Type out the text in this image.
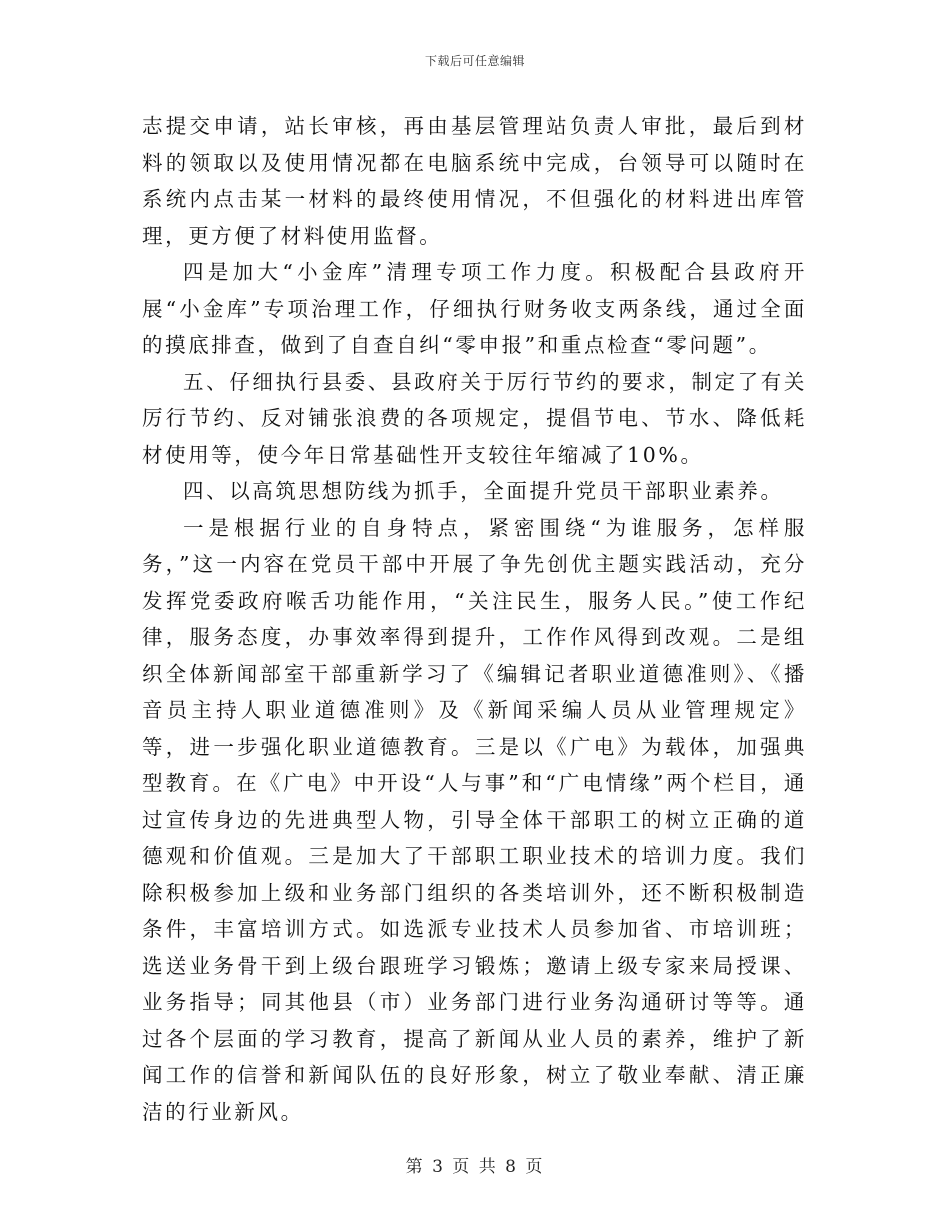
下载后可任意编辑

志提交申请，站长审核，再由基层管理站负责人审批，最后到材料的领取以及使用情况都在电脑系统中完成，台领导可以随时在系统内点击某一材料的最终使用情况，不但强化的材料进出库管理，更方便了材料使用监督。

四是加大“小金库”清理专项工作力度。积极配合县政府开展“小金库”专项治理工作，仔细执行财务收支两条线，通过全面的摸底排查，做到了自查自纠“零申报”和重点检查“零问题”。

五、仔细执行县委、县政府关于厉行节约的要求，制定了有关厉行节约、反对铺张浪费的各项规定，提倡节电、节水、降低耗材使用等，使今年日常基础性开支较往年缩减了10%。

四、以高筑思想防线为抓手，全面提升党员干部职业素养。

一是根据行业的自身特点，紧密围绕“为谁服务，怎样服务，”这一内容在党员干部中开展了争先创优主题实践活动，充分发挥党委政府喉舌功能作用，“关注民生，服务人民。”使工作纪律，服务态度，办事效率得到提升，工作作风得到改观。二是组织全体新闻部室干部重新学习了《编辑记者职业道德准则》、《播音员主持人职业道德准则》及《新闻采编人员从业管理规定》等，进一步强化职业道德教育。三是以《广电》为载体，加强典型教育。在《广电》中开设“人与事”和“广电情缘”两个栏目，通过宣传身边的先进典型人物，引导全体干部职工的树立正确的道德观和价值观。三是加大了干部职工职业技术的培训力度。我们除积极参加上级和业务部门组织的各类培训外，还不断积极制造条件，丰富培训方式。如选派专业技术人员参加省、市培训班；选送业务骨干到上级台跟班学习锻炼；邀请上级专家来局授课、业务指导；同其他县（市）业务部门进行业务沟通研讨等等。通过各个层面的学习教育，提高了新闻从业人员的素养，维护了新闻工作的信誉和新闻队伍的良好形象，树立了敬业奉献、清正廉洁的行业新风。

第 3 页 共 8 页
